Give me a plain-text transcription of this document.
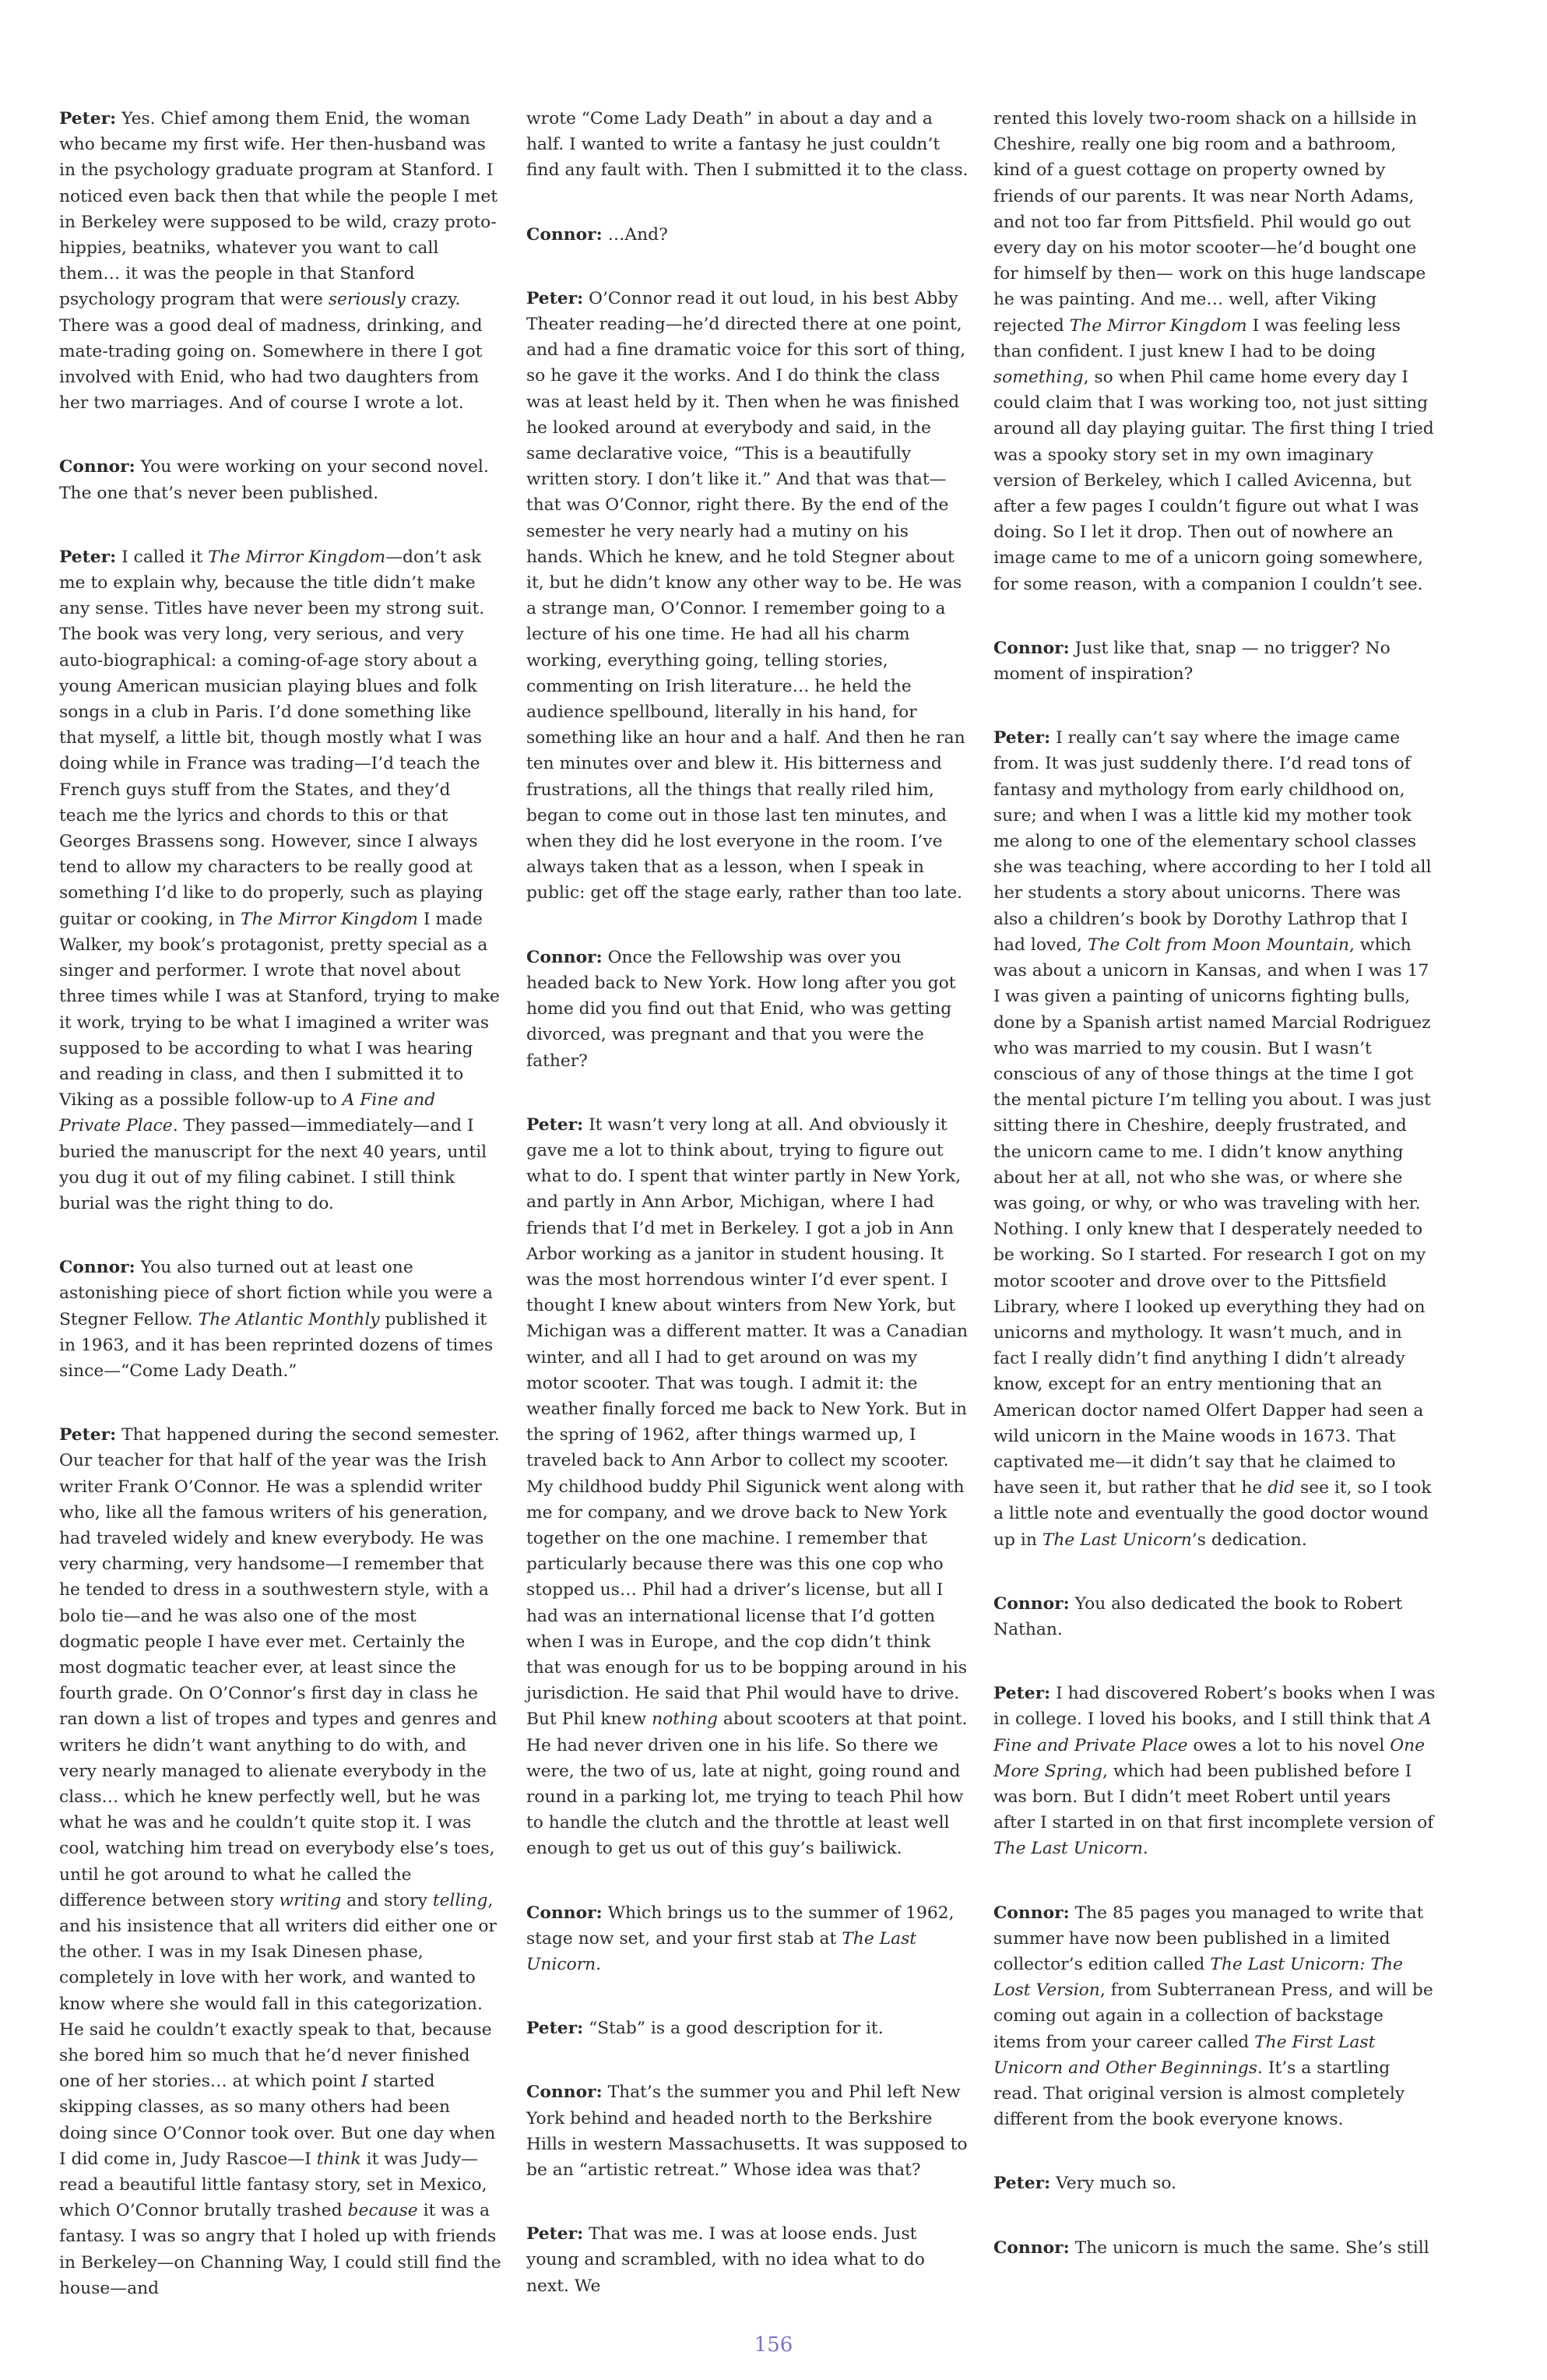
Peter: Yes. Chief among them Enid, the woman who became my first wife. Her then-husband was in the psychology graduate program at Stanford. I noticed even back then that while the people I met in Berkeley were supposed to be wild, crazy proto-hippies, beatniks, whatever you want to call them… it was the people in that Stanford psychology program that were seriously crazy. There was a good deal of madness, drinking, and mate-trading going on. Somewhere in there I got involved with Enid, who had two daughters from her two marriages. And of course I wrote a lot.

Connor: You were working on your second novel. The one that’s never been published.

Peter: I called it The Mirror Kingdom—don’t ask me to explain why, because the title didn’t make any sense. Titles have never been my strong suit. The book was very long, very serious, and very auto-biographical: a coming-of-age story about a young American musician playing blues and folk songs in a club in Paris. I’d done something like that myself, a little bit, though mostly what I was doing while in France was trading—I’d teach the French guys stuff from the States, and they’d teach me the lyrics and chords to this or that Georges Brassens song. However, since I always tend to allow my characters to be really good at something I’d like to do properly, such as playing guitar or cooking, in The Mirror Kingdom I made Walker, my book’s protagonist, pretty special as a singer and performer. I wrote that novel about three times while I was at Stanford, trying to make it work, trying to be what I imagined a writer was supposed to be according to what I was hearing and reading in class, and then I submitted it to Viking as a possible follow-up to A Fine and Private Place. They passed—immediately—and I buried the manuscript for the next 40 years, until you dug it out of my filing cabinet. I still think burial was the right thing to do.

Connor: You also turned out at least one astonishing piece of short fiction while you were a Stegner Fellow. The Atlantic Monthly published it in 1963, and it has been reprinted dozens of times since—“Come Lady Death.”

Peter: That happened during the second semester. Our teacher for that half of the year was the Irish writer Frank O’Connor. He was a splendid writer who, like all the famous writers of his generation, had traveled widely and knew everybody. He was very charming, very handsome—I remember that he tended to dress in a southwestern style, with a bolo tie—and he was also one of the most dogmatic people I have ever met. Certainly the most dogmatic teacher ever, at least since the fourth grade. On O’Connor’s first day in class he ran down a list of tropes and types and genres and writers he didn’t want anything to do with, and very nearly managed to alienate everybody in the class… which he knew perfectly well, but he was what he was and he couldn’t quite stop it. I was cool, watching him tread on everybody else’s toes, until he got around to what he called the difference between story writing and story telling, and his insistence that all writers did either one or the other. I was in my Isak Dinesen phase, completely in love with her work, and wanted to know where she would fall in this categorization. He said he couldn’t exactly speak to that, because she bored him so much that he’d never finished one of her stories… at which point I started skipping classes, as so many others had been doing since O’Connor took over. But one day when I did come in, Judy Rascoe—I think it was Judy—read a beautiful little fantasy story, set in Mexico, which O’Connor brutally trashed because it was a fantasy. I was so angry that I holed up with friends in Berkeley—on Channing Way, I could still find the house—and

wrote “Come Lady Death” in about a day and a half. I wanted to write a fantasy he just couldn’t find any fault with. Then I submitted it to the class.

Connor: …And?

Peter: O’Connor read it out loud, in his best Abby Theater reading—he’d directed there at one point, and had a fine dramatic voice for this sort of thing, so he gave it the works. And I do think the class was at least held by it. Then when he was finished he looked around at everybody and said, in the same declarative voice, “This is a beautifully written story. I don’t like it.” And that was that—that was O’Connor, right there. By the end of the semester he very nearly had a mutiny on his hands. Which he knew, and he told Stegner about it, but he didn’t know any other way to be. He was a strange man, O’Connor. I remember going to a lecture of his one time. He had all his charm working, everything going, telling stories, commenting on Irish literature… he held the audience spellbound, literally in his hand, for something like an hour and a half. And then he ran ten minutes over and blew it. His bitterness and frustrations, all the things that really riled him, began to come out in those last ten minutes, and when they did he lost everyone in the room. I’ve always taken that as a lesson, when I speak in public: get off the stage early, rather than too late.

Connor: Once the Fellowship was over you headed back to New York. How long after you got home did you find out that Enid, who was getting divorced, was pregnant and that you were the father?

Peter: It wasn’t very long at all. And obviously it gave me a lot to think about, trying to figure out what to do. I spent that winter partly in New York, and partly in Ann Arbor, Michigan, where I had friends that I’d met in Berkeley. I got a job in Ann Arbor working as a janitor in student housing. It was the most horrendous winter I’d ever spent. I thought I knew about winters from New York, but Michigan was a different matter. It was a Canadian winter, and all I had to get around on was my motor scooter. That was tough. I admit it: the weather finally forced me back to New York. But in the spring of 1962, after things warmed up, I traveled back to Ann Arbor to collect my scooter. My childhood buddy Phil Sigunick went along with me for company, and we drove back to New York together on the one machine. I remember that particularly because there was this one cop who stopped us… Phil had a driver’s license, but all I had was an international license that I’d gotten when I was in Europe, and the cop didn’t think that was enough for us to be bopping around in his jurisdiction. He said that Phil would have to drive. But Phil knew nothing about scooters at that point. He had never driven one in his life. So there we were, the two of us, late at night, going round and round in a parking lot, me trying to teach Phil how to handle the clutch and the throttle at least well enough to get us out of this guy’s bailiwick.

Connor: Which brings us to the summer of 1962, stage now set, and your first stab at The Last Unicorn.

Peter: “Stab” is a good description for it.

Connor: That’s the summer you and Phil left New York behind and headed north to the Berkshire Hills in western Massachusetts. It was supposed to be an “artistic retreat.” Whose idea was that?

Peter: That was me. I was at loose ends. Just young and scrambled, with no idea what to do next. We

rented this lovely two-room shack on a hillside in Cheshire, really one big room and a bathroom, kind of a guest cottage on property owned by friends of our parents. It was near North Adams, and not too far from Pittsfield. Phil would go out every day on his motor scooter—he’d bought one for himself by then— work on this huge landscape he was painting. And me… well, after Viking rejected The Mirror Kingdom I was feeling less than confident. I just knew I had to be doing something, so when Phil came home every day I could claim that I was working too, not just sitting around all day playing guitar. The first thing I tried was a spooky story set in my own imaginary version of Berkeley, which I called Avicenna, but after a few pages I couldn’t figure out what I was doing. So I let it drop. Then out of nowhere an image came to me of a unicorn going somewhere, for some reason, with a companion I couldn’t see.

Connor: Just like that, snap — no trigger? No moment of inspiration?

Peter: I really can’t say where the image came from. It was just suddenly there. I’d read tons of fantasy and mythology from early childhood on, sure; and when I was a little kid my mother took me along to one of the elementary school classes she was teaching, where according to her I told all her students a story about unicorns. There was also a children’s book by Dorothy Lathrop that I had loved, The Colt from Moon Mountain, which was about a unicorn in Kansas, and when I was 17 I was given a painting of unicorns fighting bulls, done by a Spanish artist named Marcial Rodriguez who was married to my cousin. But I wasn’t conscious of any of those things at the time I got the mental picture I’m telling you about. I was just sitting there in Cheshire, deeply frustrated, and the unicorn came to me. I didn’t know anything about her at all, not who she was, or where she was going, or why, or who was traveling with her. Nothing. I only knew that I desperately needed to be working. So I started. For research I got on my motor scooter and drove over to the Pittsfield Library, where I looked up everything they had on unicorns and mythology. It wasn’t much, and in fact I really didn’t find anything I didn’t already know, except for an entry mentioning that an American doctor named Olfert Dapper had seen a wild unicorn in the Maine woods in 1673. That captivated me—it didn’t say that he claimed to have seen it, but rather that he did see it, so I took a little note and eventually the good doctor wound up in The Last Unicorn’s dedication.

Connor: You also dedicated the book to Robert Nathan.

Peter: I had discovered Robert’s books when I was in college. I loved his books, and I still think that A Fine and Private Place owes a lot to his novel One More Spring, which had been published before I was born. But I didn’t meet Robert until years after I started in on that first incomplete version of The Last Unicorn.

Connor: The 85 pages you managed to write that summer have now been published in a limited collector’s edition called The Last Unicorn: The Lost Version, from Subterranean Press, and will be coming out again in a collection of backstage items from your career called The First Last Unicorn and Other Beginnings. It’s a startling read. That original version is almost completely different from the book everyone knows.

Peter: Very much so.

Connor: The unicorn is much the same. She’s still

156
